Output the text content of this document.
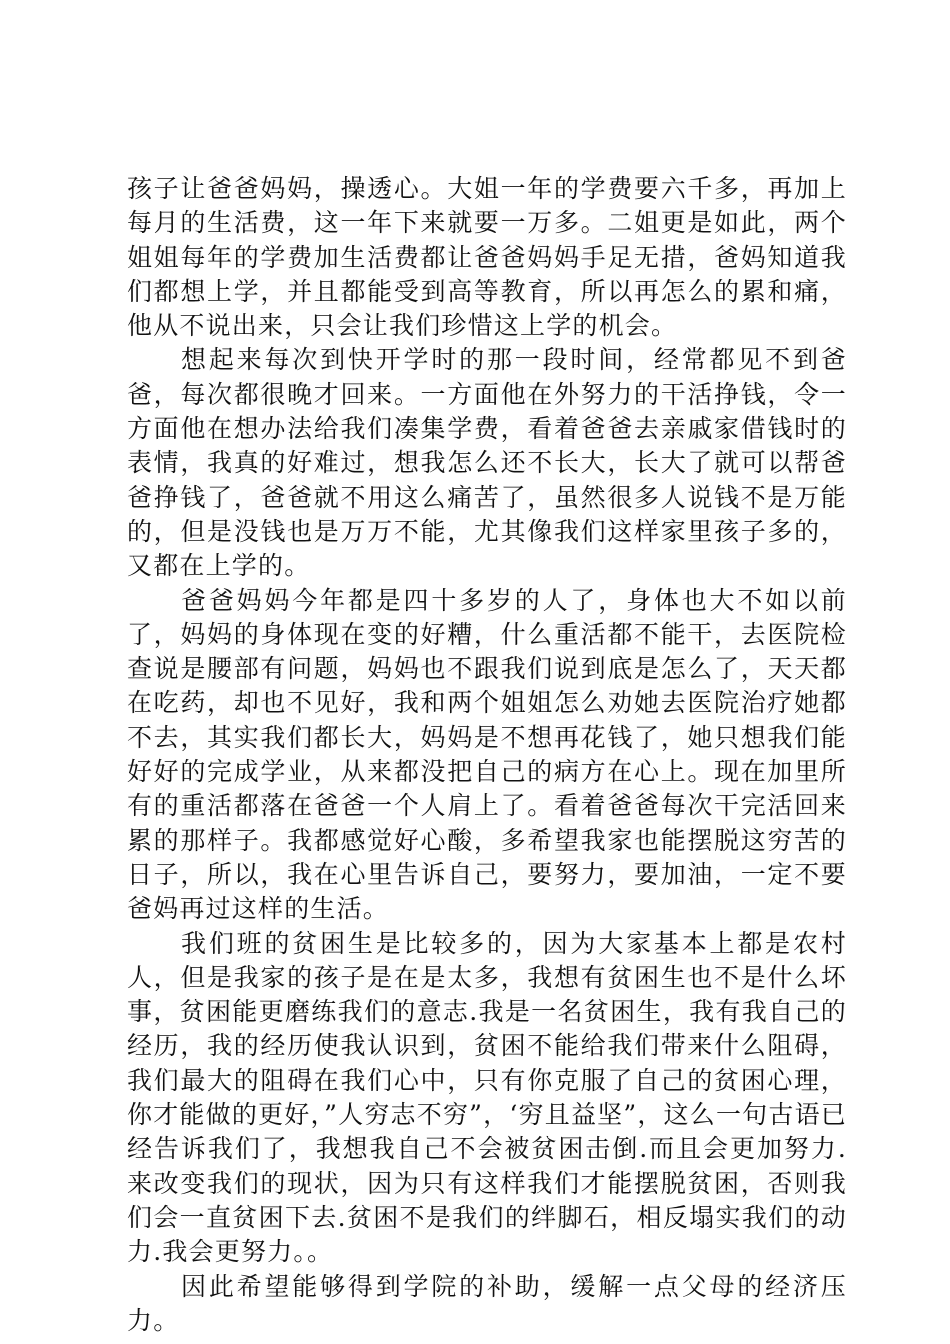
孩子让爸爸妈妈，操透心。大姐一年的学费要六千多，再加上每月的生活费，这一年下来就要一万多。二姐更是如此，两个姐姐每年的学费加生活费都让爸爸妈妈手足无措，爸妈知道我们都想上学，并且都能受到高等教育，所以再怎么的累和痛，他从不说出来，只会让我们珍惜这上学的机会。

想起来每次到快开学时的那一段时间，经常都见不到爸爸，每次都很晚才回来。一方面他在外努力的干活挣钱，令一方面他在想办法给我们凑集学费，看着爸爸去亲戚家借钱时的表情，我真的好难过，想我怎么还不长大，长大了就可以帮爸爸挣钱了，爸爸就不用这么痛苦了，虽然很多人说钱不是万能的，但是没钱也是万万不能，尤其像我们这样家里孩子多的，又都在上学的。

爸爸妈妈今年都是四十多岁的人了，身体也大不如以前了，妈妈的身体现在变的好糟，什么重活都不能干，去医院检查说是腰部有问题，妈妈也不跟我们说到底是怎么了，天天都在吃药，却也不见好，我和两个姐姐怎么劝她去医院治疗她都不去，其实我们都长大，妈妈是不想再花钱了，她只想我们能好好的完成学业，从来都没把自己的病方在心上。现在加里所有的重活都落在爸爸一个人肩上了。看着爸爸每次干完活回来累的那样子。我都感觉好心酸，多希望我家也能摆脱这穷苦的日子，所以，我在心里告诉自己，要努力，要加油，一定不要爸妈再过这样的生活。

我们班的贫困生是比较多的，因为大家基本上都是农村人，但是我家的孩子是在是太多，我想有贫困生也不是什么坏事，贫困能更磨练我们的意志.我是一名贫困生，我有我自己的经历，我的经历使我认识到，贫困不能给我们带来什么阻碍，我们最大的阻碍在我们心中，只有你克服了自己的贫困心理，你才能做的更好，”人穷志不穷”，‘穷且益坚”，这么一句古语已经告诉我们了，我想我自己不会被贫困击倒.而且会更加努力.来改变我们的现状，因为只有这样我们才能摆脱贫困，否则我们会一直贫困下去.贫困不是我们的绊脚石，相反塌实我们的动力.我会更努力。。

因此希望能够得到学院的补助，缓解一点父母的经济压力。
